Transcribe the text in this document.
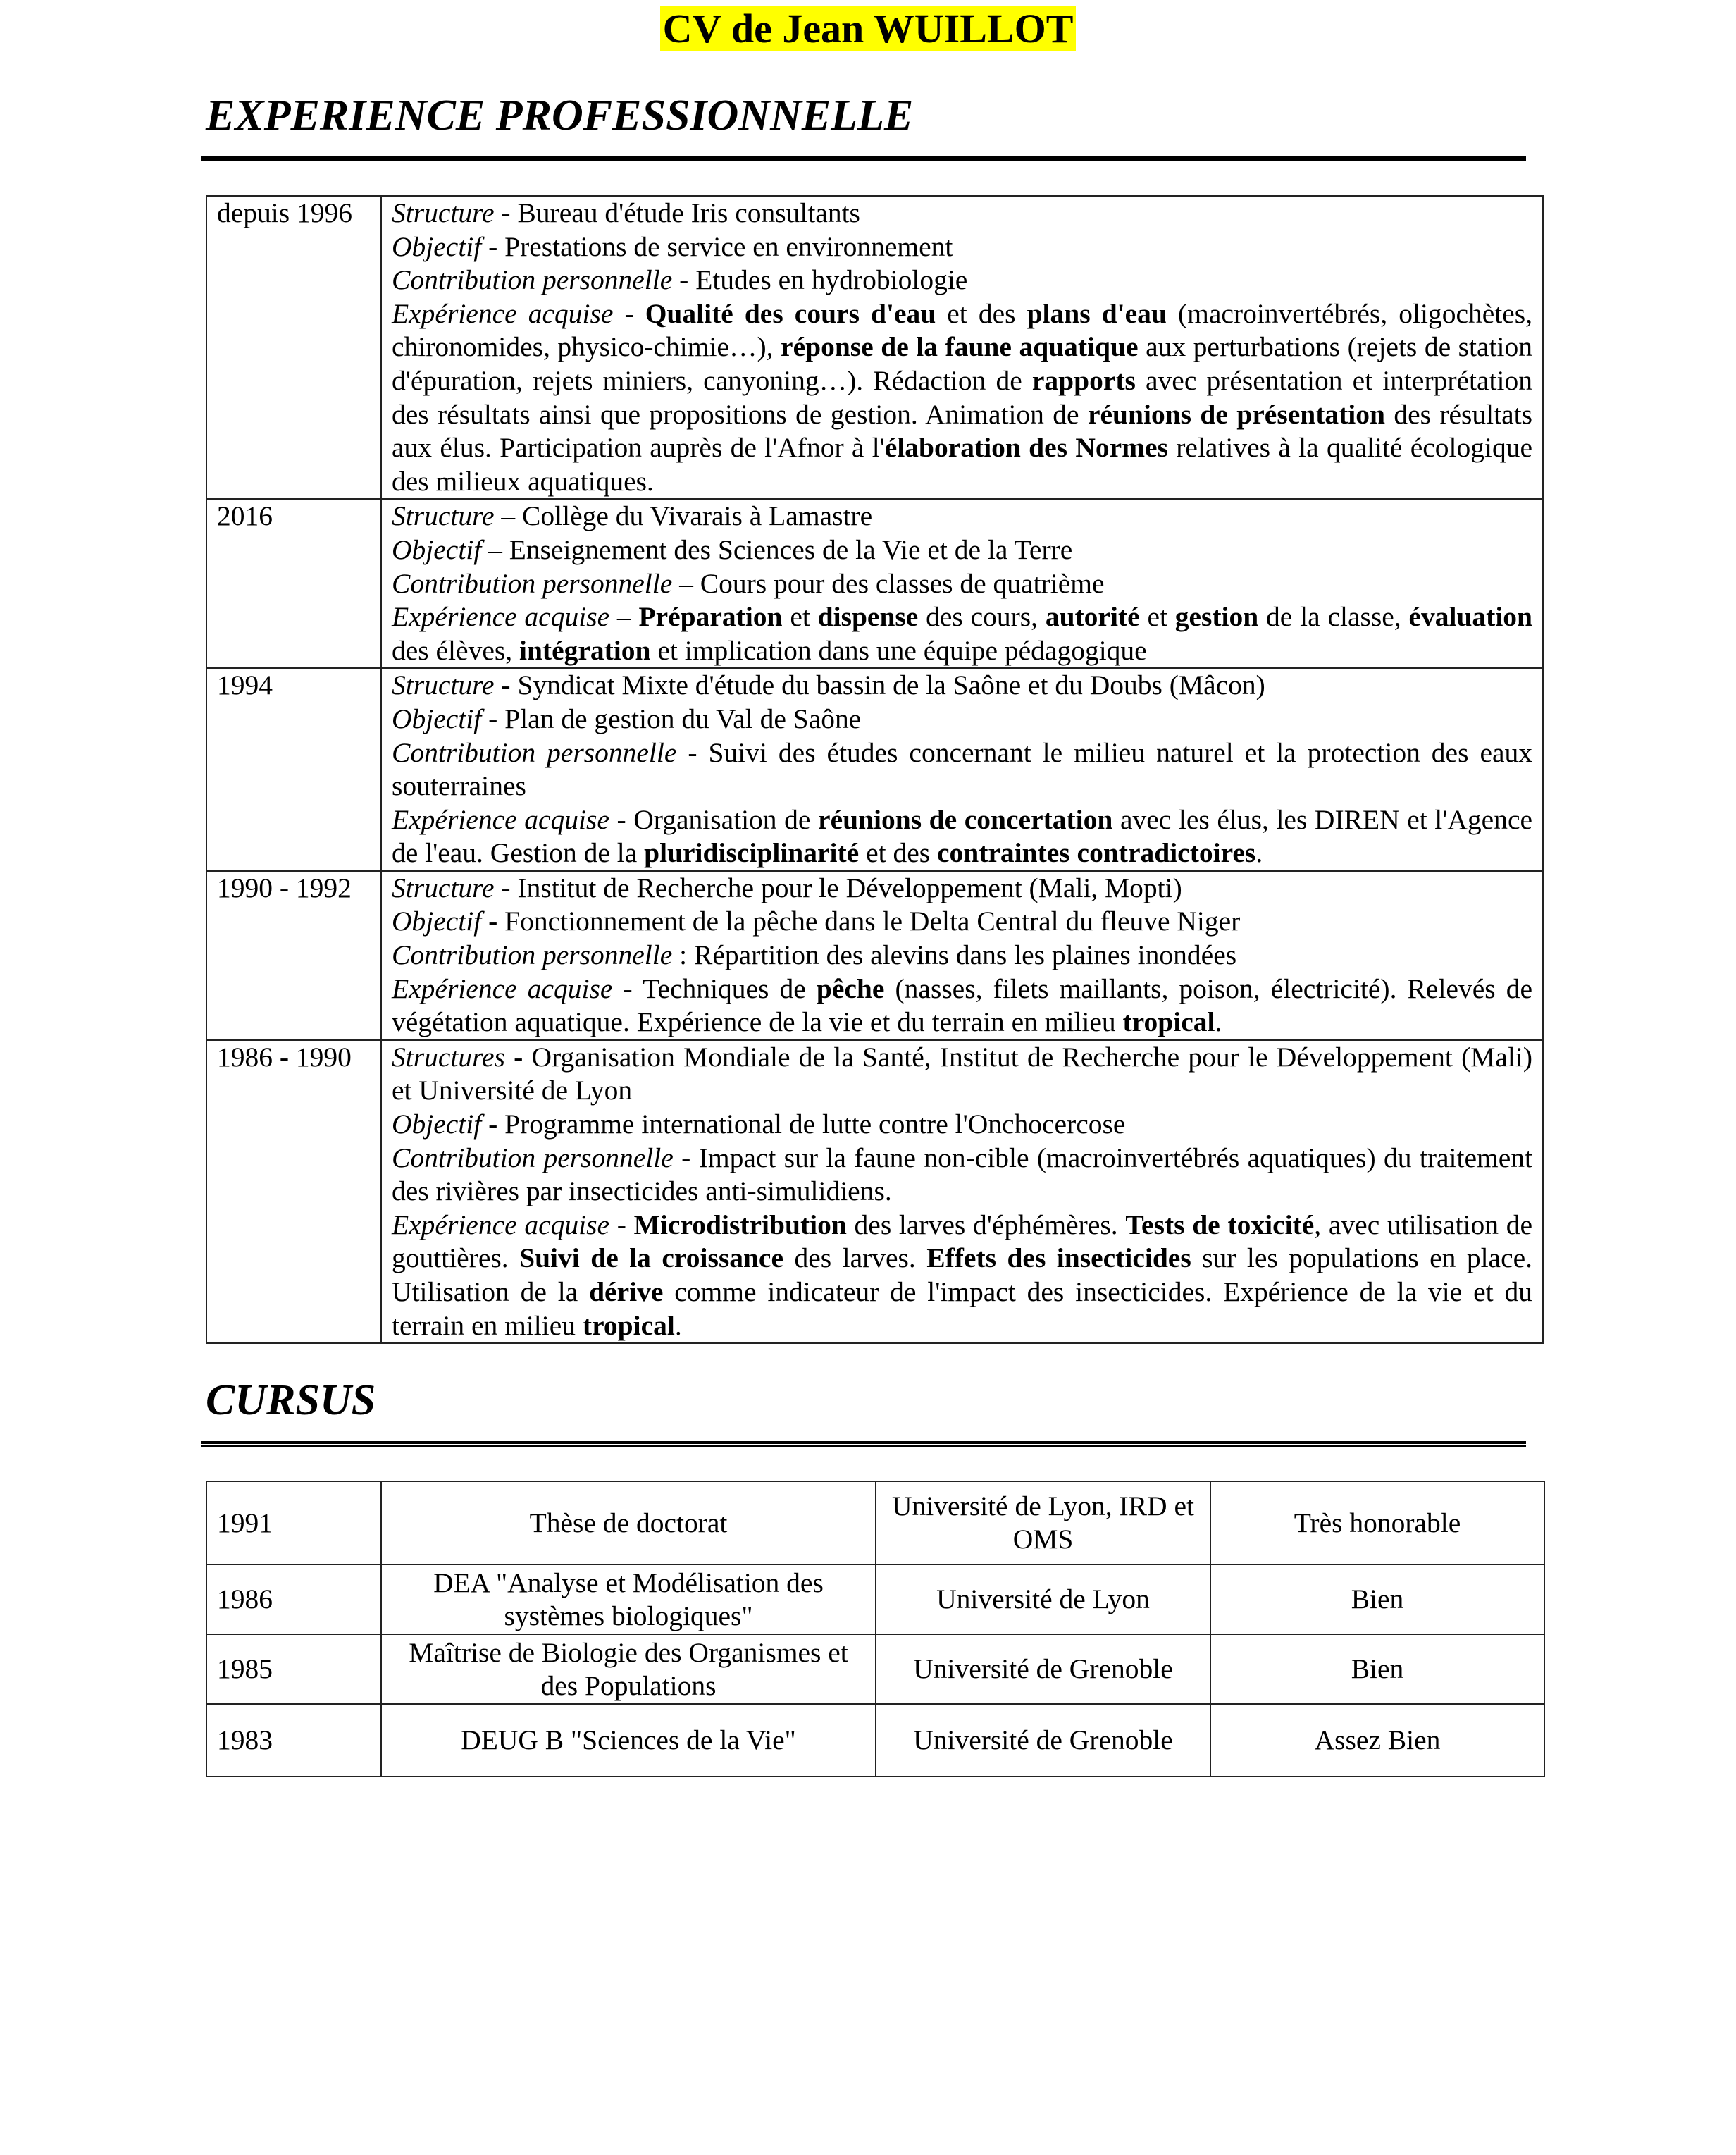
CV de Jean WUILLOT
EXPERIENCE PROFESSIONNELLE
depuis 1996	Structure - Bureau d'étude Iris consultants
Objectif - Prestations de service en environnement
Contribution personnelle - Etudes en hydrobiologie
Expérience acquise - Qualité des cours d'eau et des plans d'eau (macroinvertébrés, oligochètes, chironomides, physico-chimie…), réponse de la faune aquatique aux perturbations (rejets de station d'épuration, rejets miniers, canyoning…). Rédaction de rapports avec présentation et interprétation des résultats ainsi que propositions de gestion. Animation de réunions de présentation des résultats aux élus. Participation auprès de l'Afnor à l'élaboration des Normes relatives à la qualité écologique des milieux aquatiques.

2016	Structure – Collège du Vivarais à Lamastre
Objectif – Enseignement des Sciences de la Vie et de la Terre
Contribution personnelle – Cours pour des classes de quatrième
Expérience acquise – Préparation et dispense des cours, autorité et gestion de la classe, évaluation des élèves, intégration et implication dans une équipe pédagogique

1994	Structure - Syndicat Mixte d'étude du bassin de la Saône et du Doubs (Mâcon)
Objectif - Plan de gestion du Val de Saône
Contribution personnelle - Suivi des études concernant le milieu naturel et la protection des eaux souterraines
Expérience acquise - Organisation de réunions de concertation avec les élus, les DIREN et l'Agence de l'eau. Gestion de la pluridisciplinarité et des contraintes contradictoires.

1990 - 1992	Structure - Institut de Recherche pour le Développement (Mali, Mopti)
Objectif - Fonctionnement de la pêche dans le Delta Central du fleuve Niger
Contribution personnelle : Répartition des alevins dans les plaines inondées
Expérience acquise - Techniques de pêche (nasses, filets maillants, poison, électricité). Relevés de végétation aquatique. Expérience de la vie et du terrain en milieu tropical.

1986 - 1990	Structures - Organisation Mondiale de la Santé, Institut de Recherche pour le Développement (Mali) et Université de Lyon
Objectif - Programme international de lutte contre l'Onchocercose
Contribution personnelle - Impact sur la faune non-cible (macroinvertébrés aquatiques) du traitement des rivières par insecticides anti-simulidiens.
Expérience acquise - Microdistribution des larves d'éphémères. Tests de toxicité, avec utilisation de gouttières. Suivi de la croissance des larves. Effets des insecticides sur les populations en place. Utilisation de la dérive comme indicateur de l'impact des insecticides. Expérience de la vie et du terrain en milieu tropical.
CURSUS
1991	Thèse de doctorat	Université de Lyon, IRD et OMS	Très honorable
1986	DEA "Analyse et Modélisation des systèmes biologiques"	Université de Lyon	Bien
1985	Maîtrise de Biologie des Organismes et des Populations	Université de Grenoble	Bien
1983	DEUG B "Sciences de la Vie"	Université de Grenoble	Assez Bien
